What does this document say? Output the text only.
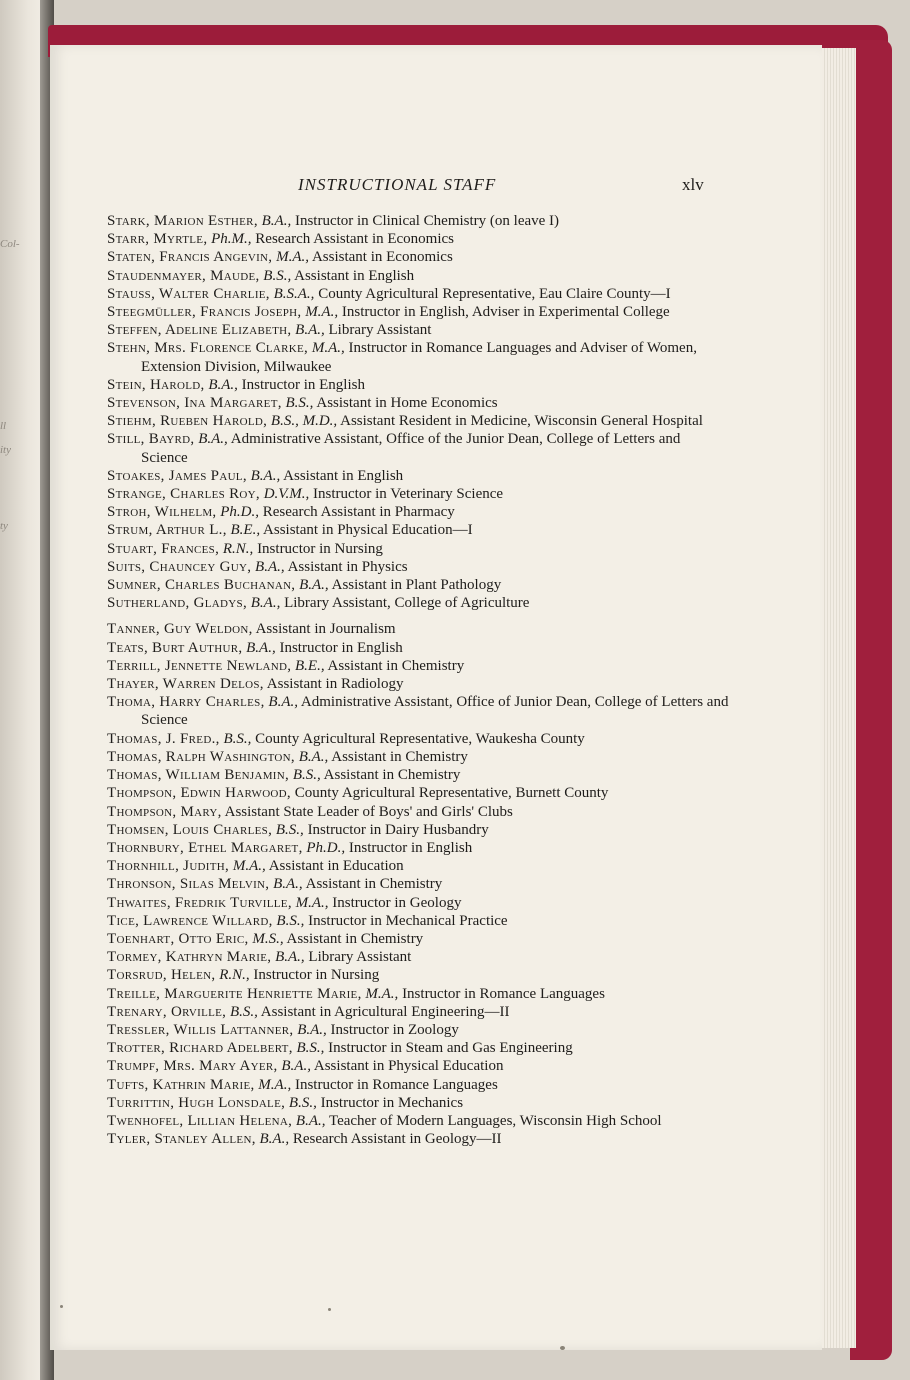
Col-
ll
ity
ty
INSTRUCTIONAL STAFF	xlv
Stark, Marion Esther, B.A., Instructor in Clinical Chemistry (on leave I)
Starr, Myrtle, Ph.M., Research Assistant in Economics
Staten, Francis Angevin, M.A., Assistant in Economics
Staudenmayer, Maude, B.S., Assistant in English
Stauss, Walter Charlie, B.S.A., County Agricultural Representative, Eau Claire County—I
Steegmüller, Francis Joseph, M.A., Instructor in English, Adviser in Experimental College
Steffen, Adeline Elizabeth, B.A., Library Assistant
Stehn, Mrs. Florence Clarke, M.A., Instructor in Romance Languages and Adviser of Women, Extension Division, Milwaukee
Stein, Harold, B.A., Instructor in English
Stevenson, Ina Margaret, B.S., Assistant in Home Economics
Stiehm, Rueben Harold, B.S., M.D., Assistant Resident in Medicine, Wisconsin General Hospital
Still, Bayrd, B.A., Administrative Assistant, Office of the Junior Dean, College of Letters and Science
Stoakes, James Paul, B.A., Assistant in English
Strange, Charles Roy, D.V.M., Instructor in Veterinary Science
Stroh, Wilhelm, Ph.D., Research Assistant in Pharmacy
Strum, Arthur L., B.E., Assistant in Physical Education—I
Stuart, Frances, R.N., Instructor in Nursing
Suits, Chauncey Guy, B.A., Assistant in Physics
Sumner, Charles Buchanan, B.A., Assistant in Plant Pathology
Sutherland, Gladys, B.A., Library Assistant, College of Agriculture
Tanner, Guy Weldon, Assistant in Journalism
Teats, Burt Authur, B.A., Instructor in English
Terrill, Jennette Newland, B.E., Assistant in Chemistry
Thayer, Warren Delos, Assistant in Radiology
Thoma, Harry Charles, B.A., Administrative Assistant, Office of Junior Dean, College of Letters and Science
Thomas, J. Fred., B.S., County Agricultural Representative, Waukesha County
Thomas, Ralph Washington, B.A., Assistant in Chemistry
Thomas, William Benjamin, B.S., Assistant in Chemistry
Thompson, Edwin Harwood, County Agricultural Representative, Burnett County
Thompson, Mary, Assistant State Leader of Boys' and Girls' Clubs
Thomsen, Louis Charles, B.S., Instructor in Dairy Husbandry
Thornbury, Ethel Margaret, Ph.D., Instructor in English
Thornhill, Judith, M.A., Assistant in Education
Thronson, Silas Melvin, B.A., Assistant in Chemistry
Thwaites, Fredrik Turville, M.A., Instructor in Geology
Tice, Lawrence Willard, B.S., Instructor in Mechanical Practice
Toenhart, Otto Eric, M.S., Assistant in Chemistry
Tormey, Kathryn Marie, B.A., Library Assistant
Torsrud, Helen, R.N., Instructor in Nursing
Treille, Marguerite Henriette Marie, M.A., Instructor in Romance Languages
Trenary, Orville, B.S., Assistant in Agricultural Engineering—II
Tressler, Willis Lattanner, B.A., Instructor in Zoology
Trotter, Richard Adelbert, B.S., Instructor in Steam and Gas Engineering
Trumpf, Mrs. Mary Ayer, B.A., Assistant in Physical Education
Tufts, Kathrin Marie, M.A., Instructor in Romance Languages
Turrittin, Hugh Lonsdale, B.S., Instructor in Mechanics
Twenhofel, Lillian Helena, B.A., Teacher of Modern Languages, Wisconsin High School
Tyler, Stanley Allen, B.A., Research Assistant in Geology—II
